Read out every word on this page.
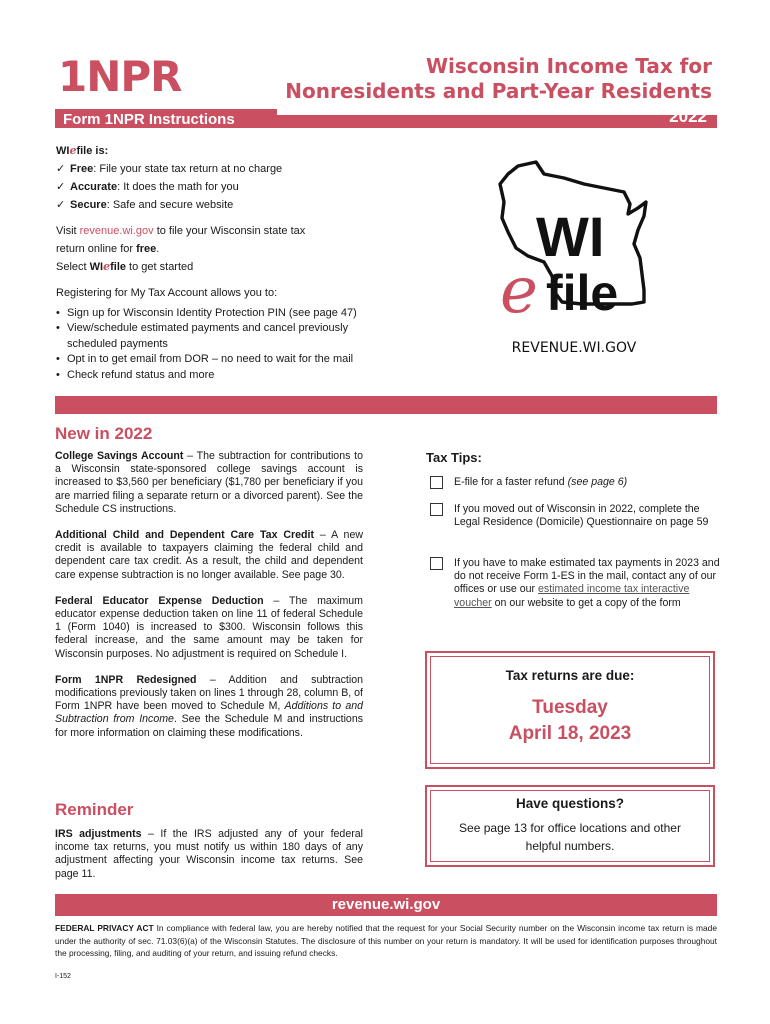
1NPR	Wisconsin Income Tax for
Nonresidents and Part-Year Residents
Form 1NPR Instructions	2022
WIefile is:
✓ Free: File your state tax return at no charge
✓ Accurate: It does the math for you
✓ Secure: Safe and secure website
Visit revenue.wi.gov to file your Wisconsin state tax return online for free.
Select WIefile to get started
Registering for My Tax Account allows you to:
• Sign up for Wisconsin Identity Protection PIN (see page 47)
• View/schedule estimated payments and cancel previously scheduled payments
• Opt in to get email from DOR – no need to wait for the mail
• Check refund status and more
WI
e file
REVENUE.WI.GOV
New in 2022

College Savings Account – The subtraction for contributions to a Wisconsin state-sponsored college savings account is increased to $3,560 per beneficiary ($1,780 per beneficiary if you are married filing a separate return or a divorced parent). See the Schedule CS instructions.

Additional Child and Dependent Care Tax Credit – A new credit is available to taxpayers claiming the federal child and dependent care tax credit. As a result, the child and dependent care expense subtraction is no longer available. See page 30.

Federal Educator Expense Deduction – The maximum educator expense deduction taken on line 11 of federal Schedule 1 (Form 1040) is increased to $300. Wisconsin follows this federal increase, and the same amount may be taken for Wisconsin purposes. No adjustment is required on Schedule I.

Form 1NPR Redesigned – Addition and subtraction modifications previously taken on lines 1 through 28, column B, of Form 1NPR have been moved to Schedule M, Additions to and Subtraction from Income. See the Schedule M and instructions for more information on claiming these modifications.

Reminder
IRS adjustments – If the IRS adjusted any of your federal income tax returns, you must notify us within 180 days of any adjustment affecting your Wisconsin income tax returns. See page 11.
Tax Tips:
E-file for a faster refund (see page 6)
If you moved out of Wisconsin in 2022, complete the Legal Residence (Domicile) Questionnaire on page 59
If you have to make estimated tax payments in 2023 and do not receive Form 1-ES in the mail, contact any of our offices or use our estimated income tax interactive voucher on our website to get a copy of the form
Tax returns are due:
Tuesday
April 18, 2023
Have questions?
See page 13 for office locations and other helpful numbers.
revenue.wi.gov
FEDERAL PRIVACY ACT In compliance with federal law, you are hereby notified that the request for your Social Security number on the Wisconsin income tax return is made under the authority of sec. 71.03(6)(a) of the Wisconsin Statutes. The disclosure of this number on your return is mandatory. It will be used for identification purposes throughout the processing, filing, and auditing of your return, and issuing refund checks.
I-152
